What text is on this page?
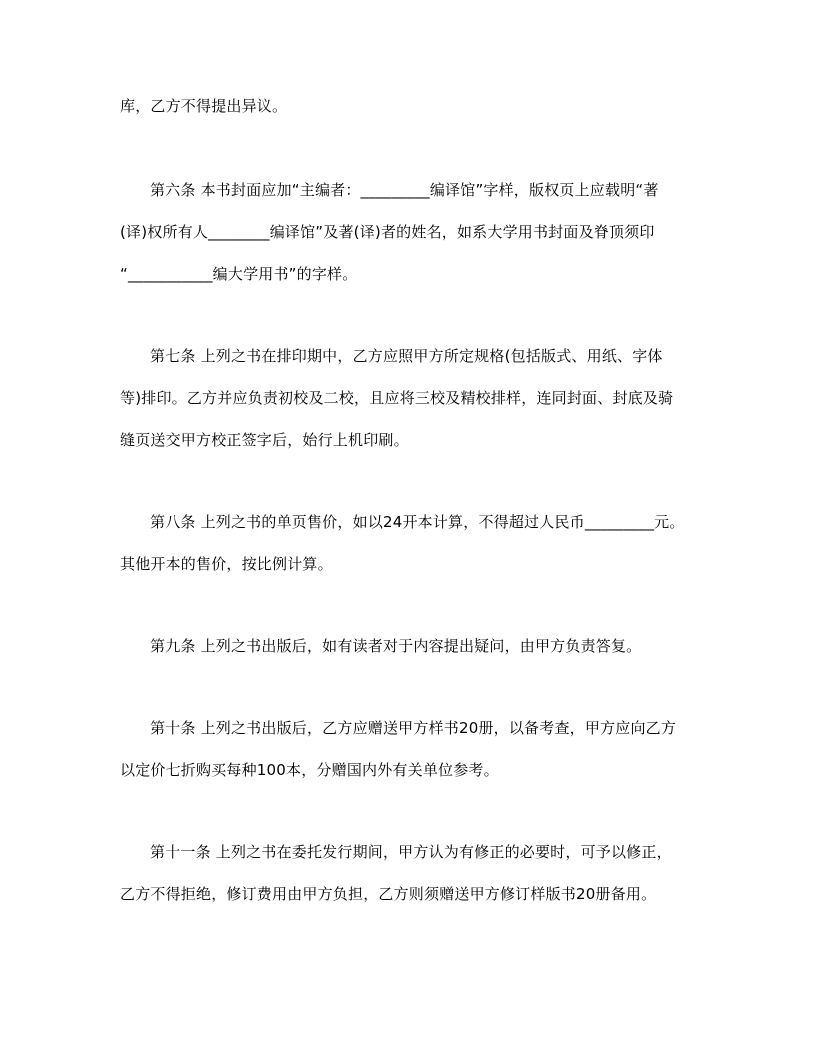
库，乙方不得提出异议。
第六条 本书封面应加“主编者：_________编译馆”字样，版权页上应载明“著
(译)权所有人________编译馆”及著(译)者的姓名，如系大学用书封面及脊顶须印
“___________编大学用书”的字样。
第七条 上列之书在排印期中，乙方应照甲方所定规格(包括版式、用纸、字体
等)排印。乙方并应负责初校及二校，且应将三校及精校排样，连同封面、封底及骑
缝页送交甲方校正签字后，始行上机印刷。
第八条 上列之书的单页售价，如以24开本计算，不得超过人民币_________元。
其他开本的售价，按比例计算。
第九条 上列之书出版后，如有读者对于内容提出疑问，由甲方负责答复。
第十条 上列之书出版后，乙方应赠送甲方样书20册，以备考查，甲方应向乙方
以定价七折购买每种100本，分赠国内外有关单位参考。
第十一条 上列之书在委托发行期间，甲方认为有修正的必要时，可予以修正，
乙方不得拒绝，修订费用由甲方负担，乙方则须赠送甲方修订样版书20册备用。
